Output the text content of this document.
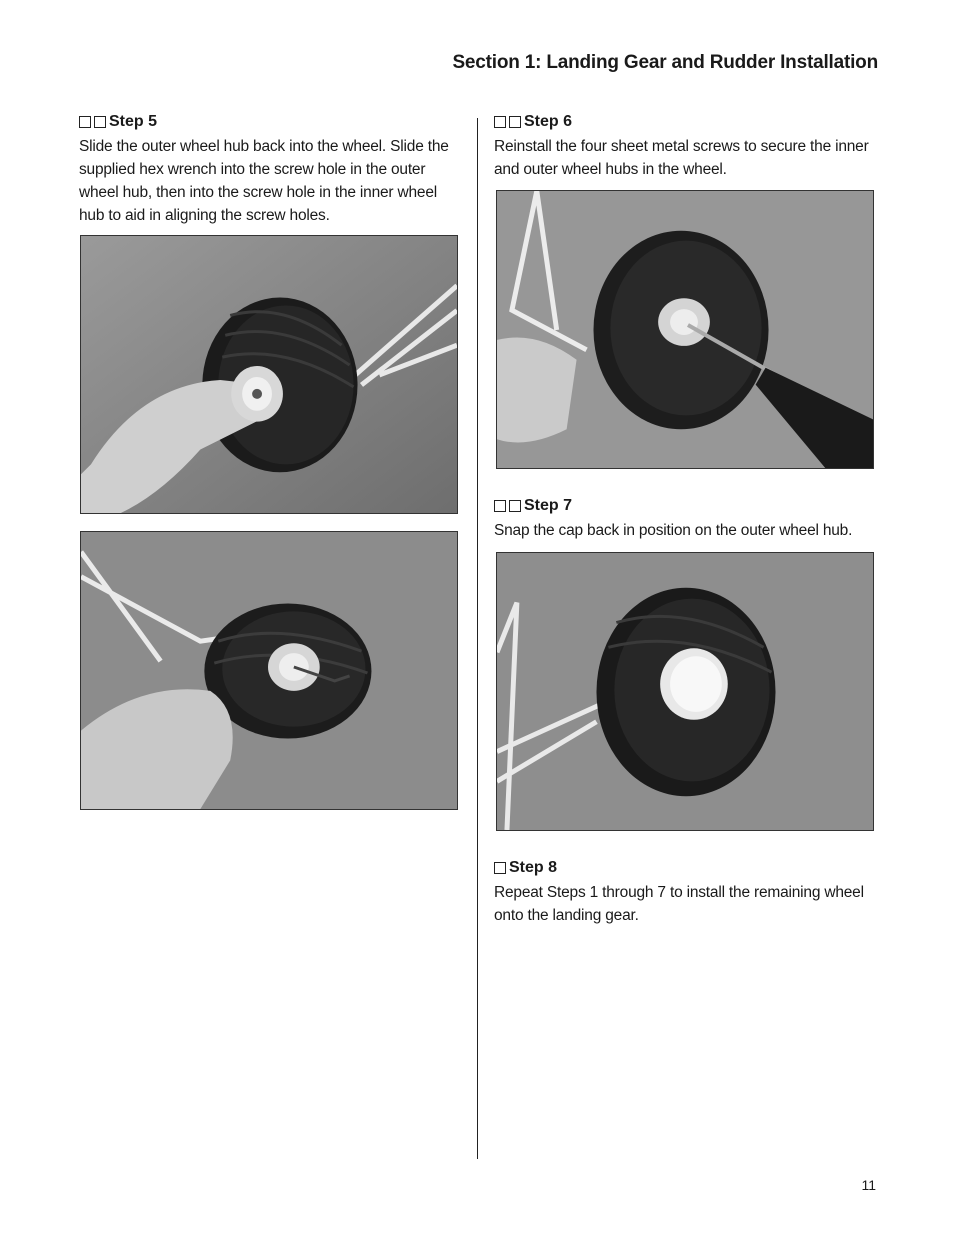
Section 1: Landing Gear and Rudder Installation
Step 5

Slide the outer wheel hub back into the wheel. Slide the supplied hex wrench into the screw hole in the outer wheel hub, then into the screw hole in the inner wheel hub to aid in aligning the screw holes.

Step 6

Reinstall the four sheet metal screws to secure the inner and outer wheel hubs in the wheel.

Step 7

Snap the cap back in position on the outer wheel hub.

Step 8

Repeat Steps 1 through 7 to install the remaining wheel onto the landing gear.

11
